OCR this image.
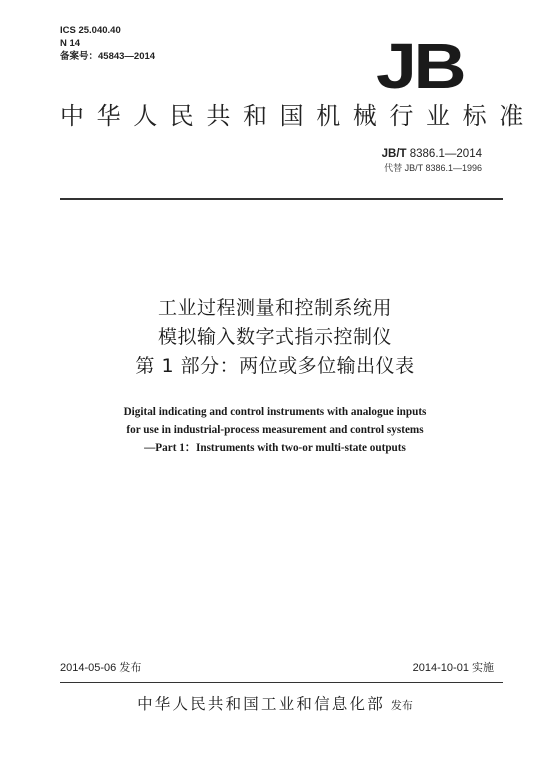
ICS 25.040.40
N 14
备案号：45843—2014	JB
中华人民共和国机械行业标准
JB/T 8386.1—2014
代替 JB/T 8386.1—1996
工业过程测量和控制系统用
模拟输入数字式指示控制仪
第 1 部分：两位或多位输出仪表
Digital indicating and control instruments with analogue inputs
for use in industrial-process measurement and control systems
—Part 1：Instruments with two-or multi-state outputs
2014-05-06 发布	2014-10-01 实施
中华人民共和国工业和信息化部 发布
